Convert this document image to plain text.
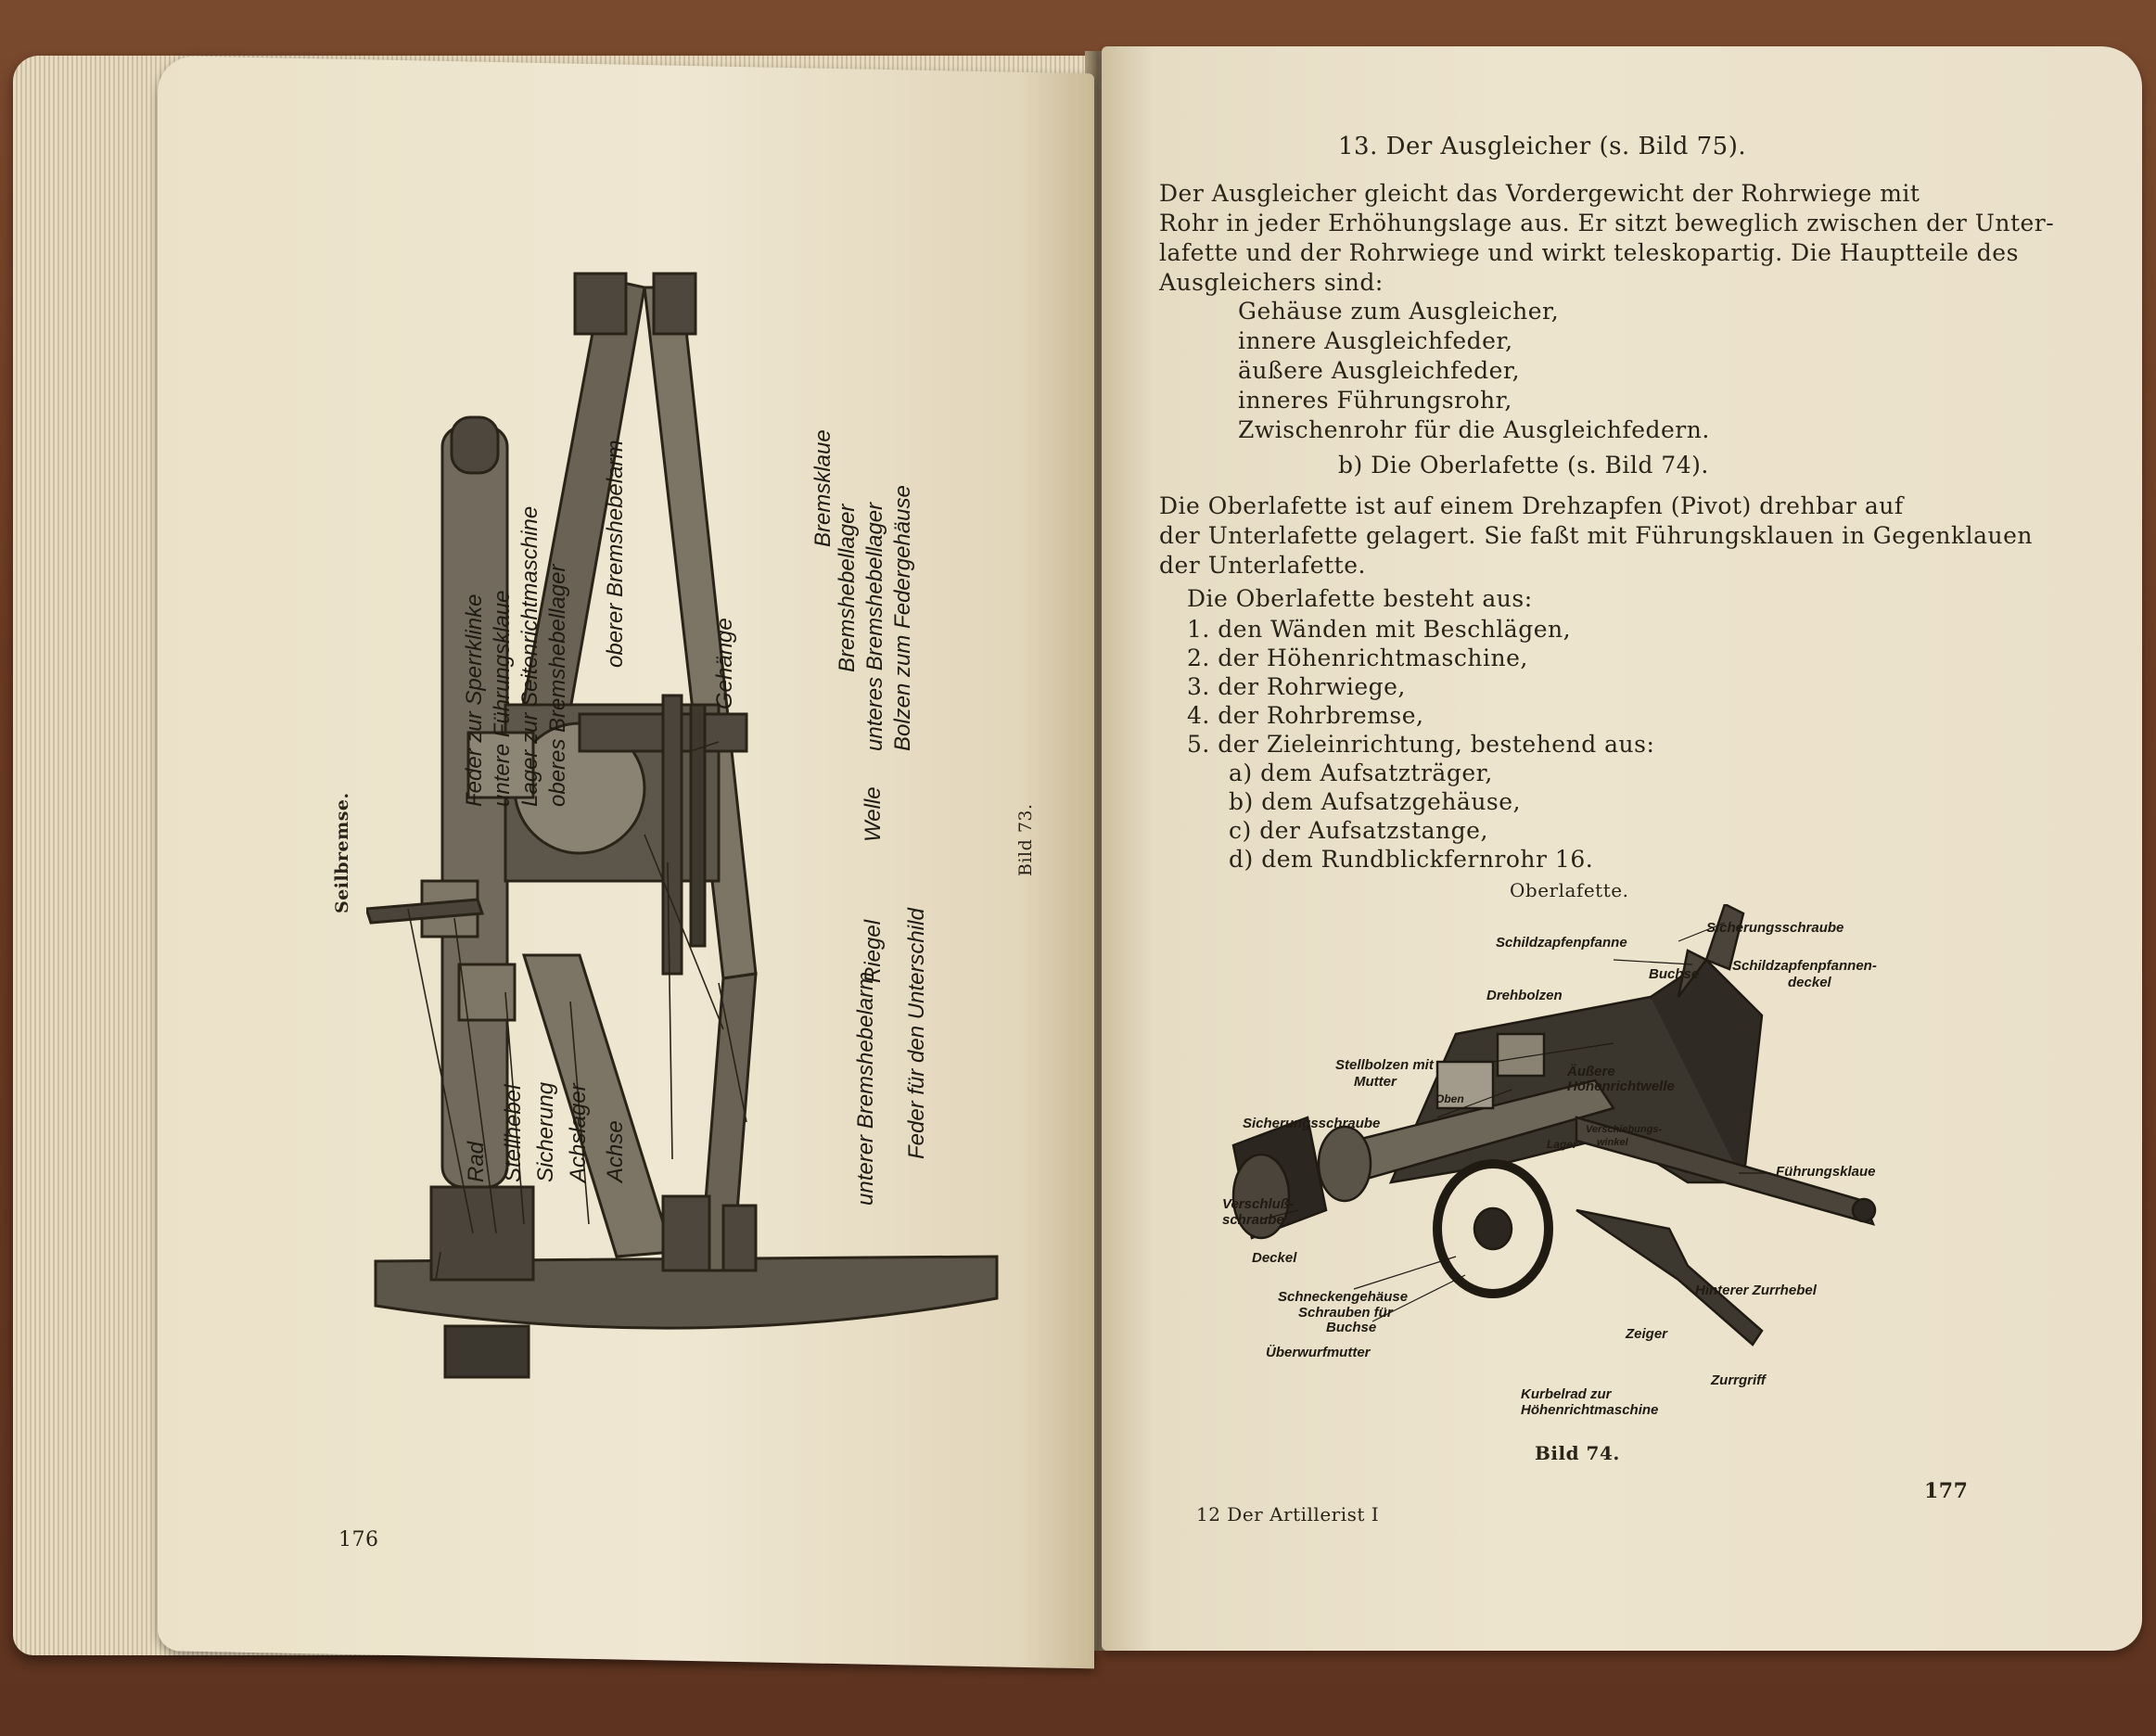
Seilbremse.	Bild 73.
176
Feder zur Sperrklinke untere Führungsklaue Lager zur Seitenrichtmaschine oberes Bremshebellager
oberer Bremshebelarm	Gehänge
Bremsklaue
Bremshebellager unteres Bremshebellager Bolzen zum Federgehäuse
Welle
Riegel Feder für den Unterschild
unterer Bremshebelarm
Rad Stellhebel Sicherung Achslager Achse
13. Der Ausgleicher (s. Bild 75).
Der Ausgleicher gleicht das Vordergewicht der Rohrwiege mit
Rohr in jeder Erhöhungslage aus. Er sitzt beweglich zwischen der Unter-
lafette und der Rohrwiege und wirkt teleskopartig. Die Hauptteile des
Ausgleichers sind:
Gehäuse zum Ausgleicher,
innere Ausgleichfeder,
äußere Ausgleichfeder,
inneres Führungsrohr,
Zwischenrohr für die Ausgleichfedern.
b) Die Oberlafette (s. Bild 74).
Die Oberlafette ist auf einem Drehzapfen (Pivot) drehbar auf
der Unterlafette gelagert. Sie faßt mit Führungsklauen in Gegenklauen
der Unterlafette.
Die Oberlafette besteht aus:
1. den Wänden mit Beschlägen,
2. der Höhenrichtmaschine,
3. der Rohrwiege,
4. der Rohrbremse,
5. der Zieleinrichtung, bestehend aus:
a) dem Aufsatzträger,
b) dem Aufsatzgehäuse,
c) der Aufsatzstange,
d) dem Rundblickfernrohr 16.
Oberlafette.
Sicherungsschraube
Schildzapfenpfanne
Schildzapfenpfannen-
deckel
Buchse
Drehbolzen
Stellbolzen mit
Mutter
Äußere
Höhenrichtwelle
Sicherungsschraube
Führungsklaue
Verschluß-
schraube
Deckel
Hinterer Zurrhebel
Schneckengehäuse
Schrauben für
Buchse	Zeiger
Überwurfmutter
Zurrgriff
Kurbelrad zur
Höhenrichtmaschine
Oben
Lager
Verschiebungs-
winkel
Bild 74.
12 Der Artillerist I
177
